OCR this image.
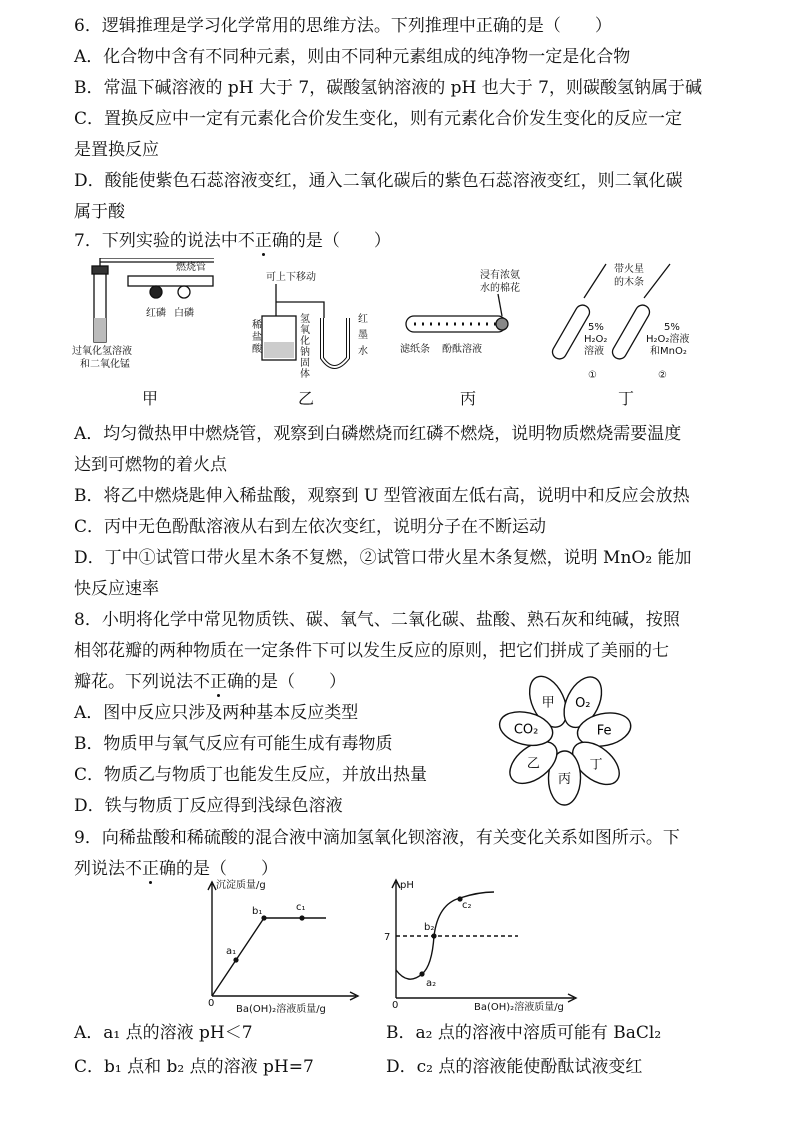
6．逻辑推理是学习化学常用的思维方法。下列推理中正确的是（　　）
A．化合物中含有不同种元素，则由不同种元素组成的纯净物一定是化合物
B．常温下碱溶液的 pH 大于 7，碳酸氢钠溶液的 pH 也大于 7，则碳酸氢钠属于碱
C．置换反应中一定有元素化合价发生变化，则有元素化合价发生变化的反应一定
是置换反应
D．酸能使紫色石蕊溶液变红，通入二氧化碳后的紫色石蕊溶液变红，则二氧化碳
属于酸
7．下列实验的说法中不正确的是（　　）
燃烧管
红磷 白磷
过氧化氢溶液
和二氧化锰
可上下移动
稀
盐
酸
氢
氧
化
钠
固
体
红
墨
水
浸有浓氨
水的棉花
滤纸条 酚酞溶液
带火星
的木条
5%
H₂O₂
溶液
5%
H₂O₂溶液
和MnO₂
①	②
甲	乙	丙	丁
A．均匀微热甲中燃烧管，观察到白磷燃烧而红磷不燃烧，说明物质燃烧需要温度
达到可燃物的着火点
B．将乙中燃烧匙伸入稀盐酸，观察到 U 型管液面左低右高，说明中和反应会放热
C．丙中无色酚酞溶液从右到左依次变红，说明分子在不断运动
D．丁中①试管口带火星木条不复燃，②试管口带火星木条复燃，说明 MnO₂ 能加
快反应速率
8．小明将化学中常见物质铁、碳、氧气、二氧化碳、盐酸、熟石灰和纯碱，按照
相邻花瓣的两种物质在一定条件下可以发生反应的原则，把它们拼成了美丽的七
瓣花。下列说法不正确的是（　　）
A．图中反应只涉及两种基本反应类型
B．物质甲与氧气反应有可能生成有毒物质
C．物质乙与物质丁也能发生反应，并放出热量
D．铁与物质丁反应得到浅绿色溶液
甲 O₂
Fe
丁
丙
乙
CO₂
9．向稀盐酸和稀硫酸的混合液中滴加氢氧化钡溶液，有关变化关系如图所示。下
列说法不正确的是（　　）
沉淀质量/g
0
Ba(OH)₂溶液质量/g
a₁
b₁	c₁
pH
7
0	Ba(OH)₂溶液质量/g
a₂
b₂
c₂
A．a₁ 点的溶液 pH＜7	B．a₂ 点的溶液中溶质可能有 BaCl₂
C．b₁ 点和 b₂ 点的溶液 pH=7	D．c₂ 点的溶液能使酚酞试液变红
